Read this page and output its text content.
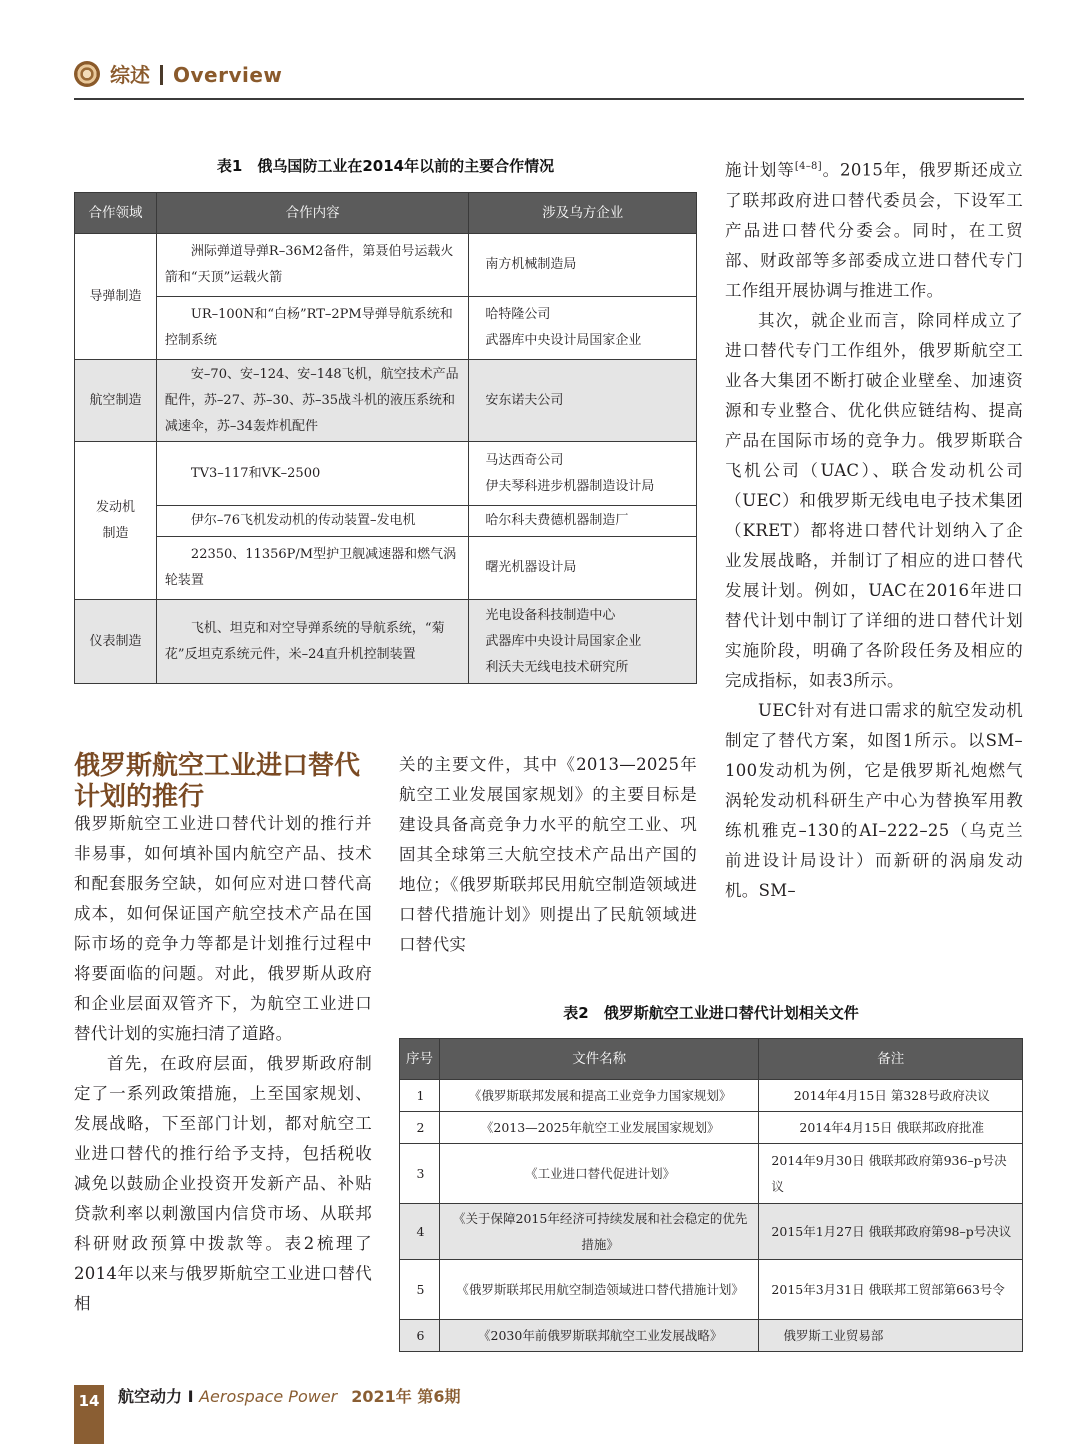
综述 Overview
表1　俄乌国防工业在2014年以前的主要合作情况
合作领域	合作内容	涉及乌方企业
导弹制造	洲际弹道导弹R–36M2备件，第聂伯号运载火箭和“天顶”运载火箭	南方机械制造局

	UR–100N和“白杨”RT–2PM导弹导航系统和控制系统	哈特隆公司
武器库中央设计局国家企业

航空制造	安–70、安–124、安–148飞机，航空技术产品配件，苏–27、苏–30、苏–35战斗机的液压系统和减速伞，苏–34轰炸机配件	安东诺夫公司

发动机制造	TV3–117和VK–2500	马达西奇公司
伊夫琴科进步机器制造设计局

	伊尔–76飞机发动机的传动装置–发电机	哈尔科夫费德机器制造厂

	22350、11356P/M型护卫舰减速器和燃气涡轮装置	曙光机器设计局

仪表制造	飞机、坦克和对空导弹系统的导航系统，“菊花”反坦克系统元件，米–24直升机控制装置	光电设备科技制造中心
武器库中央设计局国家企业
利沃夫无线电技术研究所
俄罗斯航空工业进口替代计划的推行

俄罗斯航空工业进口替代计划的推行并非易事，如何填补国内航空产品、技术和配套服务空缺，如何应对进口替代高成本，如何保证国产航空技术产品在国际市场的竞争力等都是计划推行过程中将要面临的问题。对此，俄罗斯从政府和企业层面双管齐下，为航空工业进口替代计划的实施扫清了道路。

首先，在政府层面，俄罗斯政府制定了一系列政策措施，上至国家规划、发展战略，下至部门计划，都对航空工业进口替代的推行给予支持，包括税收减免以鼓励企业投资开发新产品、补贴贷款利率以刺激国内信贷市场、从联邦科研财政预算中拨款等。表2梳理了2014年以来与俄罗斯航空工业进口替代相

关的主要文件，其中《2013—2025年航空工业发展国家规划》的主要目标是建设具备高竞争力水平的航空工业、巩固其全球第三大航空技术产品出产国的地位；《俄罗斯联邦民用航空制造领域进口替代措施计划》则提出了民航领域进口替代实

施计划等[4–8]。2015年，俄罗斯还成立了联邦政府进口替代委员会，下设军工产品进口替代分委会。同时，在工贸部、财政部等多部委成立进口替代专门工作组开展协调与推进工作。

其次，就企业而言，除同样成立了进口替代专门工作组外，俄罗斯航空工业各大集团不断打破企业壁垒、加速资源和专业整合、优化供应链结构、提高产品在国际市场的竞争力。俄罗斯联合飞机公司（UAC）、联合发动机公司（UEC）和俄罗斯无线电电子技术集团（KRET）都将进口替代计划纳入了企业发展战略，并制订了相应的进口替代发展计划。例如，UAC在2016年进口替代计划中制订了详细的进口替代计划实施阶段，明确了各阶段任务及相应的完成指标，如表3所示。

UEC针对有进口需求的航空发动机制定了替代方案，如图1所示。以SM–100发动机为例，它是俄罗斯礼炮燃气涡轮发动机科研生产中心为替换军用教练机雅克–130的AI–222–25（乌克兰前进设计局设计）而新研的涡扇发动机。SM–

表2　俄罗斯航空工业进口替代计划相关文件
序号	文件名称	备注
1	《俄罗斯联邦发展和提高工业竞争力国家规划》	2014年4月15日 第328号政府决议
2	《2013—2025年航空工业发展国家规划》	2014年4月15日 俄联邦政府批准
3	《工业进口替代促进计划》	2014年9月30日 俄联邦政府第936–p号决议
4	《关于保障2015年经济可持续发展和社会稳定的优先措施》	2015年1月27日 俄联邦政府第98–p号决议
5	《俄罗斯联邦民用航空制造领域进口替代措施计划》	2015年3月31日 俄联邦工贸部第663号令
6	《2030年前俄罗斯联邦航空工业发展战略》	俄罗斯工业贸易部
14 航空动力 I Aerospace Power 2021年 第6期
